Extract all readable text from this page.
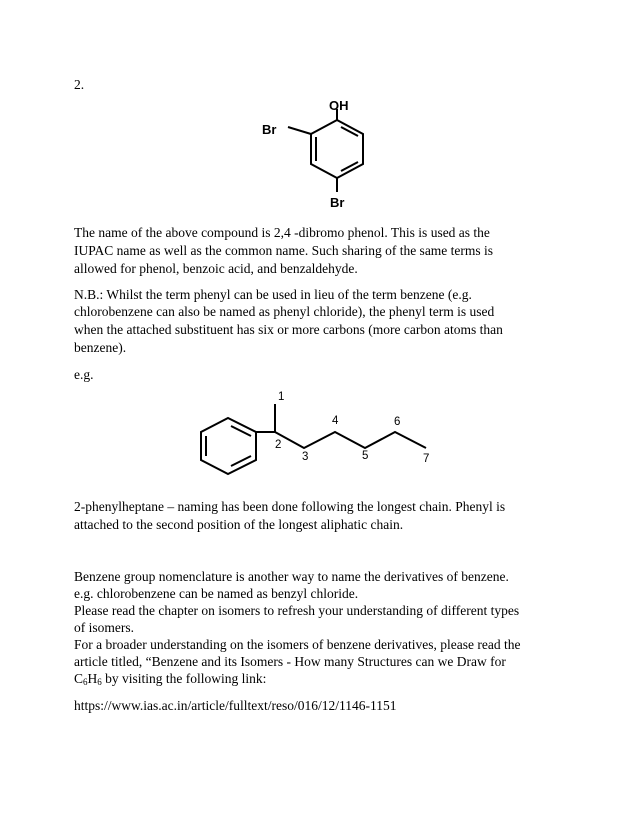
2.
OH
Br
Br
The name of the above compound is 2,4 -dibromo phenol. This is used as the
IUPAC name as well as the common name. Such sharing of the same terms is
allowed for phenol, benzoic acid, and benzaldehyde.
N.B.: Whilst the term phenyl can be used in lieu of the term benzene (e.g.
chlorobenzene can also be named as phenyl chloride), the phenyl term is used
when the attached substituent has six or more carbons (more carbon atoms than
benzene).
e.g.
1
2
3
4
5
6
7
2-phenylheptane – naming has been done following the longest chain. Phenyl is
attached to the second position of the longest aliphatic chain.
Benzene group nomenclature is another way to name the derivatives of benzene.
e.g. chlorobenzene can be named as benzyl chloride.
Please read the chapter on isomers to refresh your understanding of different types
of isomers.
For a broader understanding on the isomers of benzene derivatives, please read the
article titled, “Benzene and its Isomers - How many Structures can we Draw for
$C_6H_6$ by visiting the following link:
https://www.ias.ac.in/article/fulltext/reso/016/12/1146-1151
